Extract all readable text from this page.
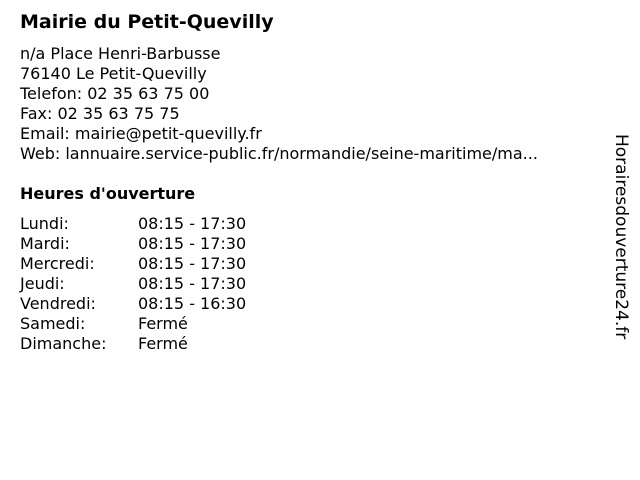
Mairie du Petit-Quevilly
n/a Place Henri-Barbusse
76140 Le Petit-Quevilly
Telefon: 02 35 63 75 00
Fax: 02 35 63 75 75
Email: mairie@petit-quevilly.fr
Web: lannuaire.service-public.fr/normandie/seine-maritime/ma...
Heures d'ouverture
Lundi:	08:15 - 17:30
Mardi:	08:15 - 17:30
Mercredi:	08:15 - 17:30
Jeudi:	08:15 - 17:30
Vendredi:	08:15 - 16:30
Samedi:	Fermé
Dimanche: Fermé
Horairesdouverture24.fr
